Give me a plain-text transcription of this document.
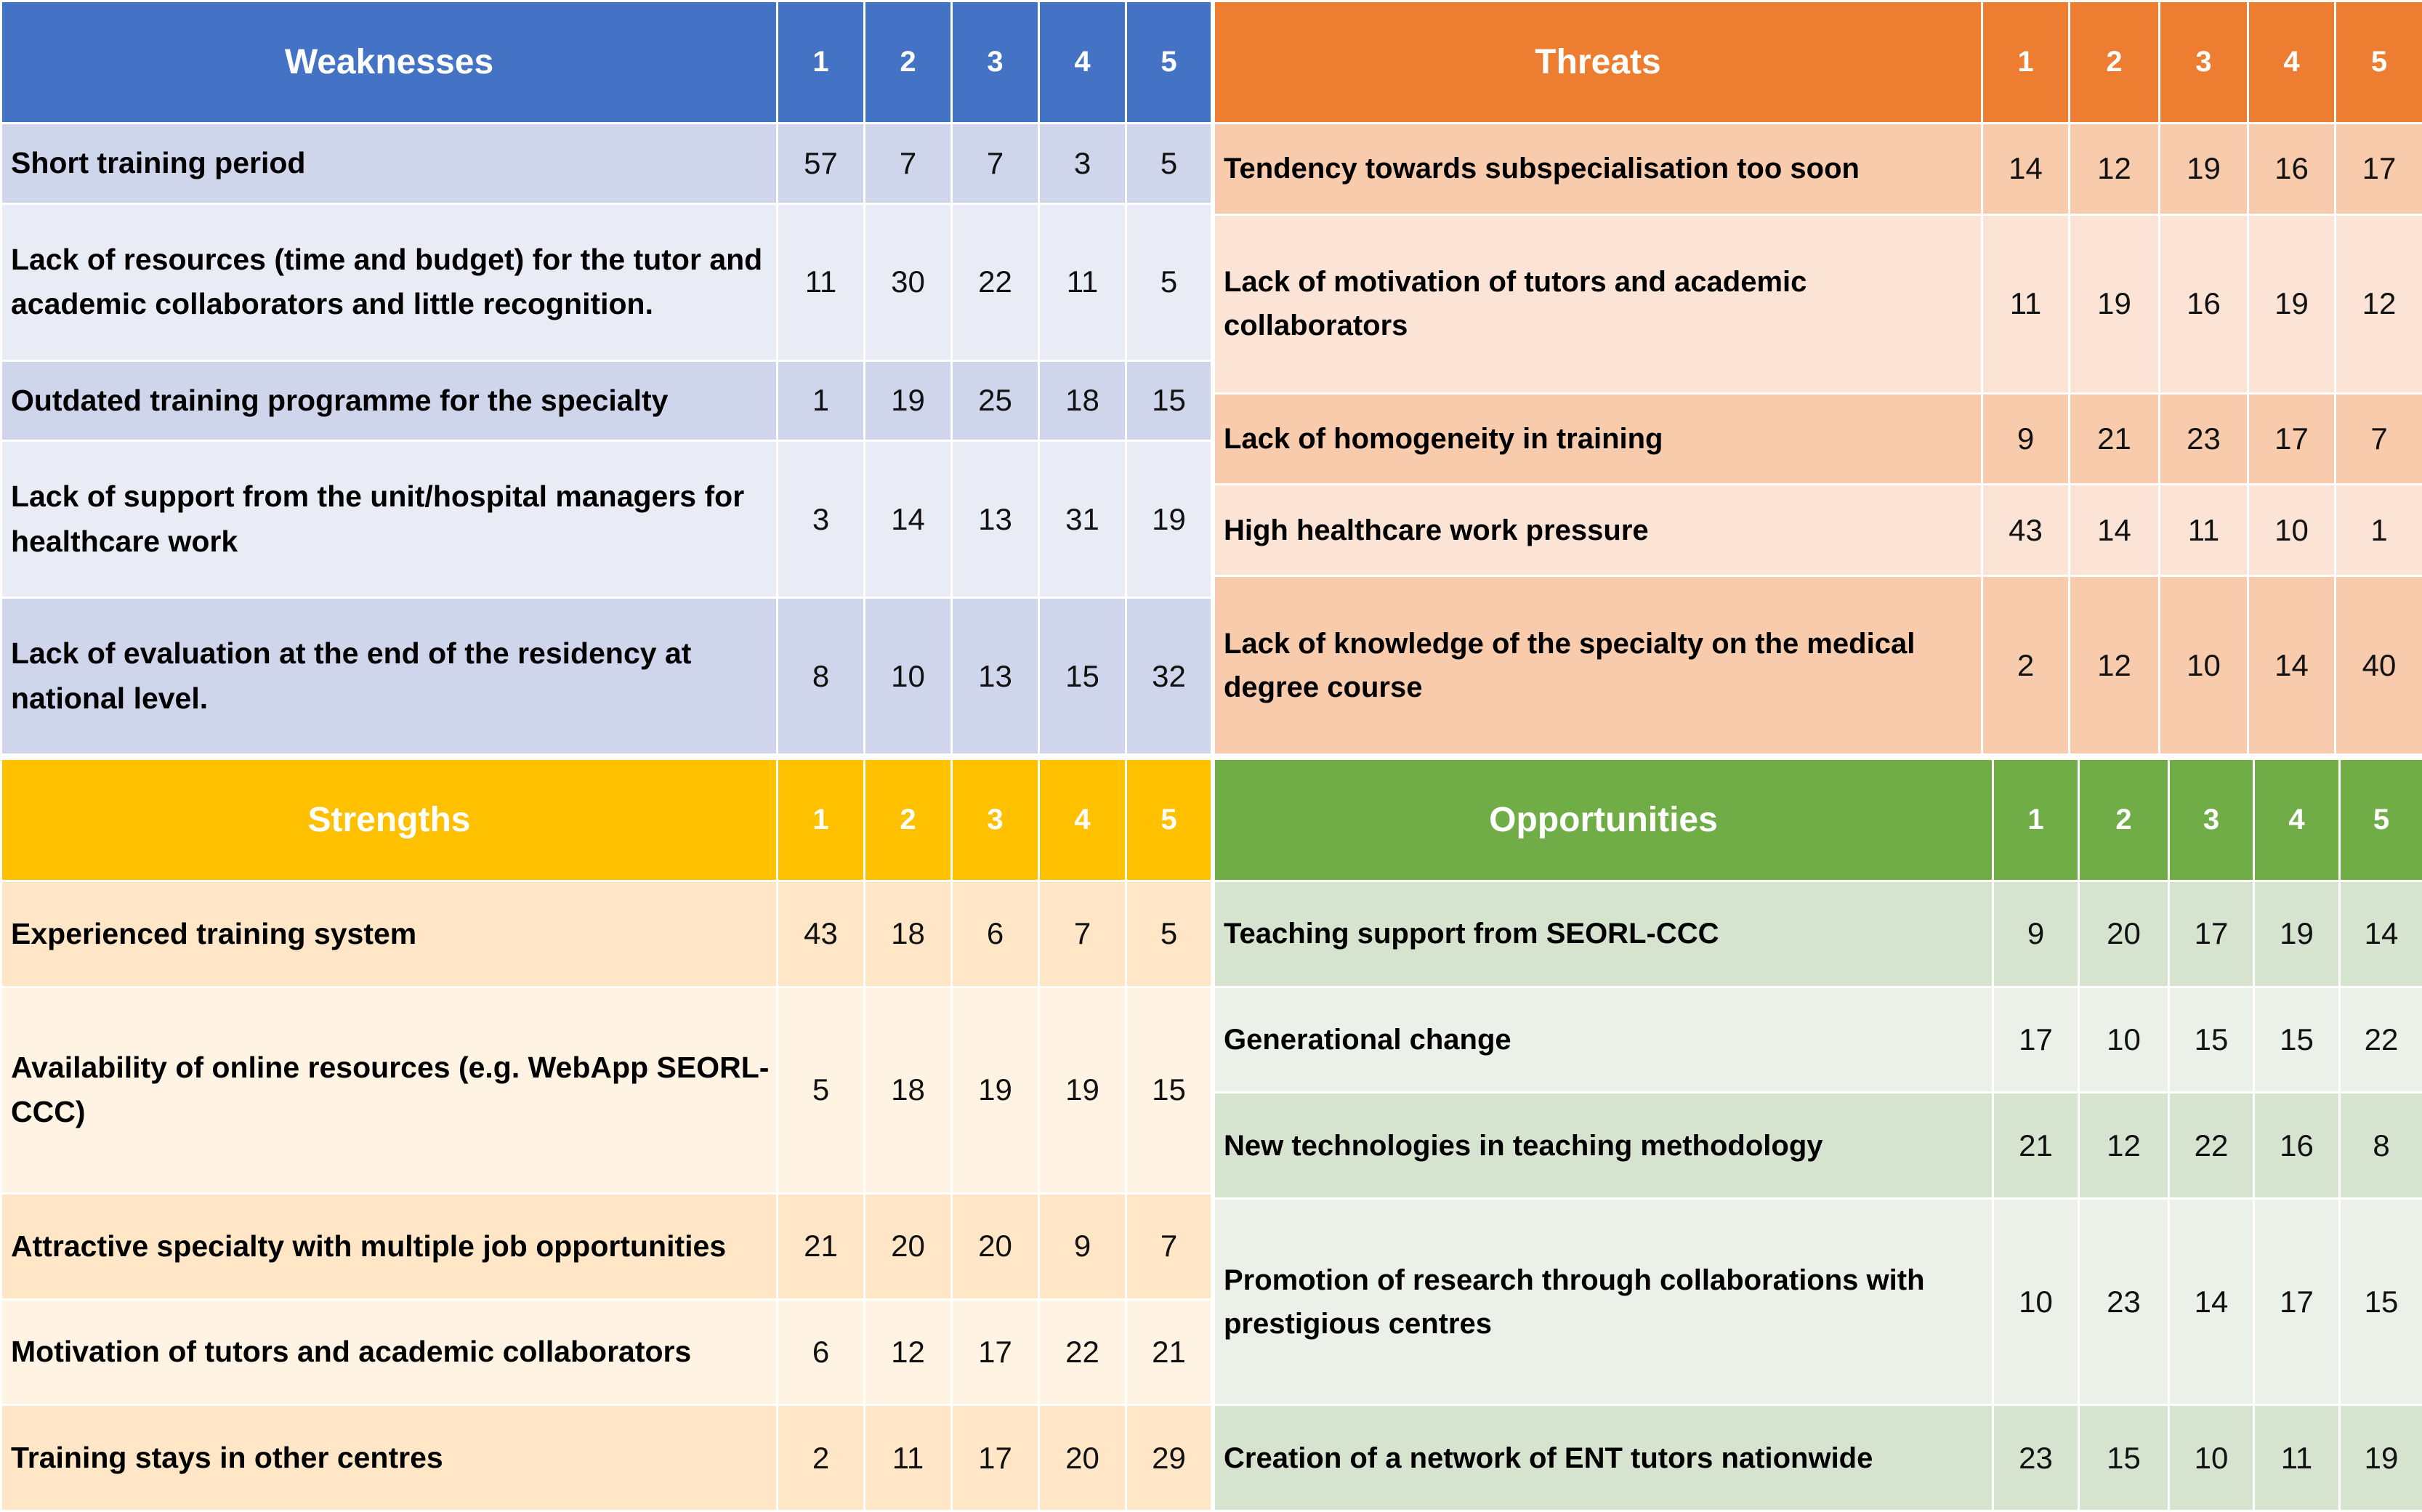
Weaknesses	1	2	3	4	5
Short training period	57	7	7	3	5
Lack of resources (time and budget) for the tutor and academic collaborators and little recognition.	11	30	22	11	5
Outdated training programme for the specialty	1	19	25	18	15
Lack of support from the unit/hospital managers for healthcare work	3	14	13	31	19
Lack of evaluation at the end of the residency at national level.	8	10	13	15	32
Threats	1	2	3	4	5
Tendency towards subspecialisation too soon	14	12	19	16	17
Lack of motivation of tutors and academic collaborators	11	19	16	19	12
Lack of homogeneity in training	9	21	23	17	7
High healthcare work pressure	43	14	11	10	1
Lack of knowledge of the specialty on the medical degree course	2	12	10	14	40
Strengths	1	2	3	4	5
Experienced training system	43	18	6	7	5
Availability of online resources (e.g. WebApp SEORL-CCC)	5	18	19	19	15
Attractive specialty with multiple job opportunities	21	20	20	9	7
Motivation of tutors and academic collaborators	6	12	17	22	21
Training stays in other centres	2	11	17	20	29
Opportunities	1	2	3	4	5
Teaching support from SEORL-CCC	9	20	17	19	14
Generational change	17	10	15	15	22
New technologies in teaching methodology	21	12	22	16	8
Promotion of research through collaborations with prestigious centres	10	23	14	17	15
Creation of a network of ENT tutors nationwide	23	15	10	11	19
